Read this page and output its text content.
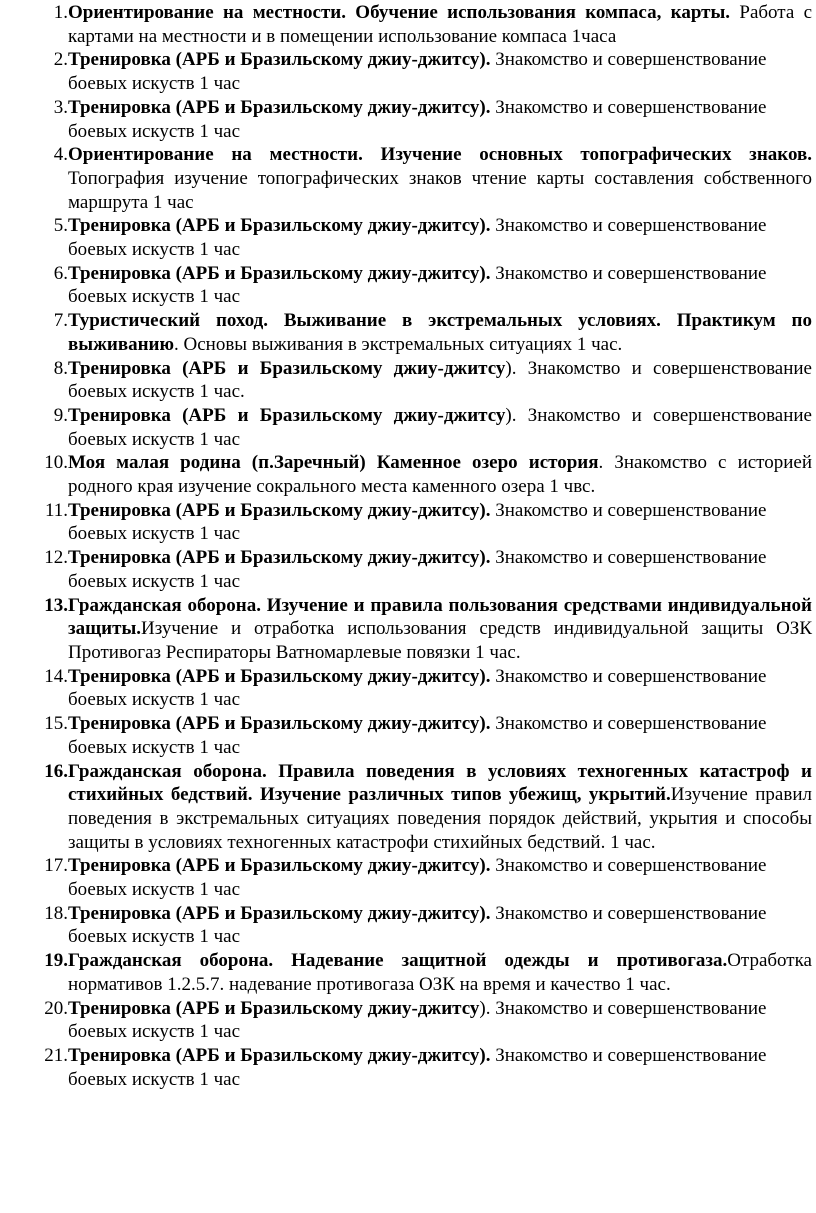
1. Ориентирование на местности. Обучение использования компаса, карты. Работа с картами на местности и в помещении использование компаса 1часа
2. Тренировка (АРБ и Бразильскому джиу-джитсу). Знакомство и совершенствование боевых искуств 1 час
3. Тренировка (АРБ и Бразильскому джиу-джитсу). Знакомство и совершенствование боевых искуств 1 час
4. Ориентирование на местности. Изучение основных топографических знаков. Топография изучение топографических знаков чтение карты составления собственного маршрута 1 час
5. Тренировка (АРБ и Бразильскому джиу-джитсу). Знакомство и совершенствование боевых искуств 1 час
6. Тренировка (АРБ и Бразильскому джиу-джитсу). Знакомство и совершенствование боевых искуств 1 час
7. Туристический поход. Выживание в экстремальных условиях. Практикум по выживанию. Основы выживания в экстремальных ситуациях 1 час.
8. Тренировка (АРБ и Бразильскому джиу-джитсу). Знакомство и совершенствование боевых искуств 1 час.
9. Тренировка (АРБ и Бразильскому джиу-джитсу). Знакомство и совершенствование боевых искуств 1 час
10. Моя малая родина (п.Заречный) Каменное озеро история. Знакомство с историей родного края изучение сокрального места каменного озера 1 чвс.
11. Тренировка (АРБ и Бразильскому джиу-джитсу). Знакомство и совершенствование боевых искуств 1 час
12. Тренировка (АРБ и Бразильскому джиу-джитсу). Знакомство и совершенствование боевых искуств 1 час
13. Гражданская оборона. Изучение и правила пользования средствами индивидуальной защиты.Изучение и отработка использования средств индивидуальной защиты ОЗК Противогаз Респираторы Ватномарлевые повязки 1 час.
14. Тренировка (АРБ и Бразильскому джиу-джитсу). Знакомство и совершенствование боевых искуств 1 час
15. Тренировка (АРБ и Бразильскому джиу-джитсу). Знакомство и совершенствование боевых искуств 1 час
16. Гражданская оборона. Правила поведения в условиях техногенных катастроф и стихийных бедствий. Изучение различных типов убежищ, укрытий.Изучение правил поведения в экстремальных ситуациях поведения порядок действий, укрытия и способы защиты в условиях техногенных катастрофи стихийных бедствий. 1 час.
17. Тренировка (АРБ и Бразильскому джиу-джитсу). Знакомство и совершенствование боевых искуств 1 час
18. Тренировка (АРБ и Бразильскому джиу-джитсу). Знакомство и совершенствование боевых искуств 1 час
19. Гражданская оборона. Надевание защитной одежды и противогаза.Отработка нормативов 1.2.5.7. надевание противогаза ОЗК на время и качество 1 час.
20. Тренировка (АРБ и Бразильскому джиу-джитсу). Знакомство и совершенствование боевых искуств 1 час
21. Тренировка (АРБ и Бразильскому джиу-джитсу). Знакомство и совершенствование боевых искуств 1 час
